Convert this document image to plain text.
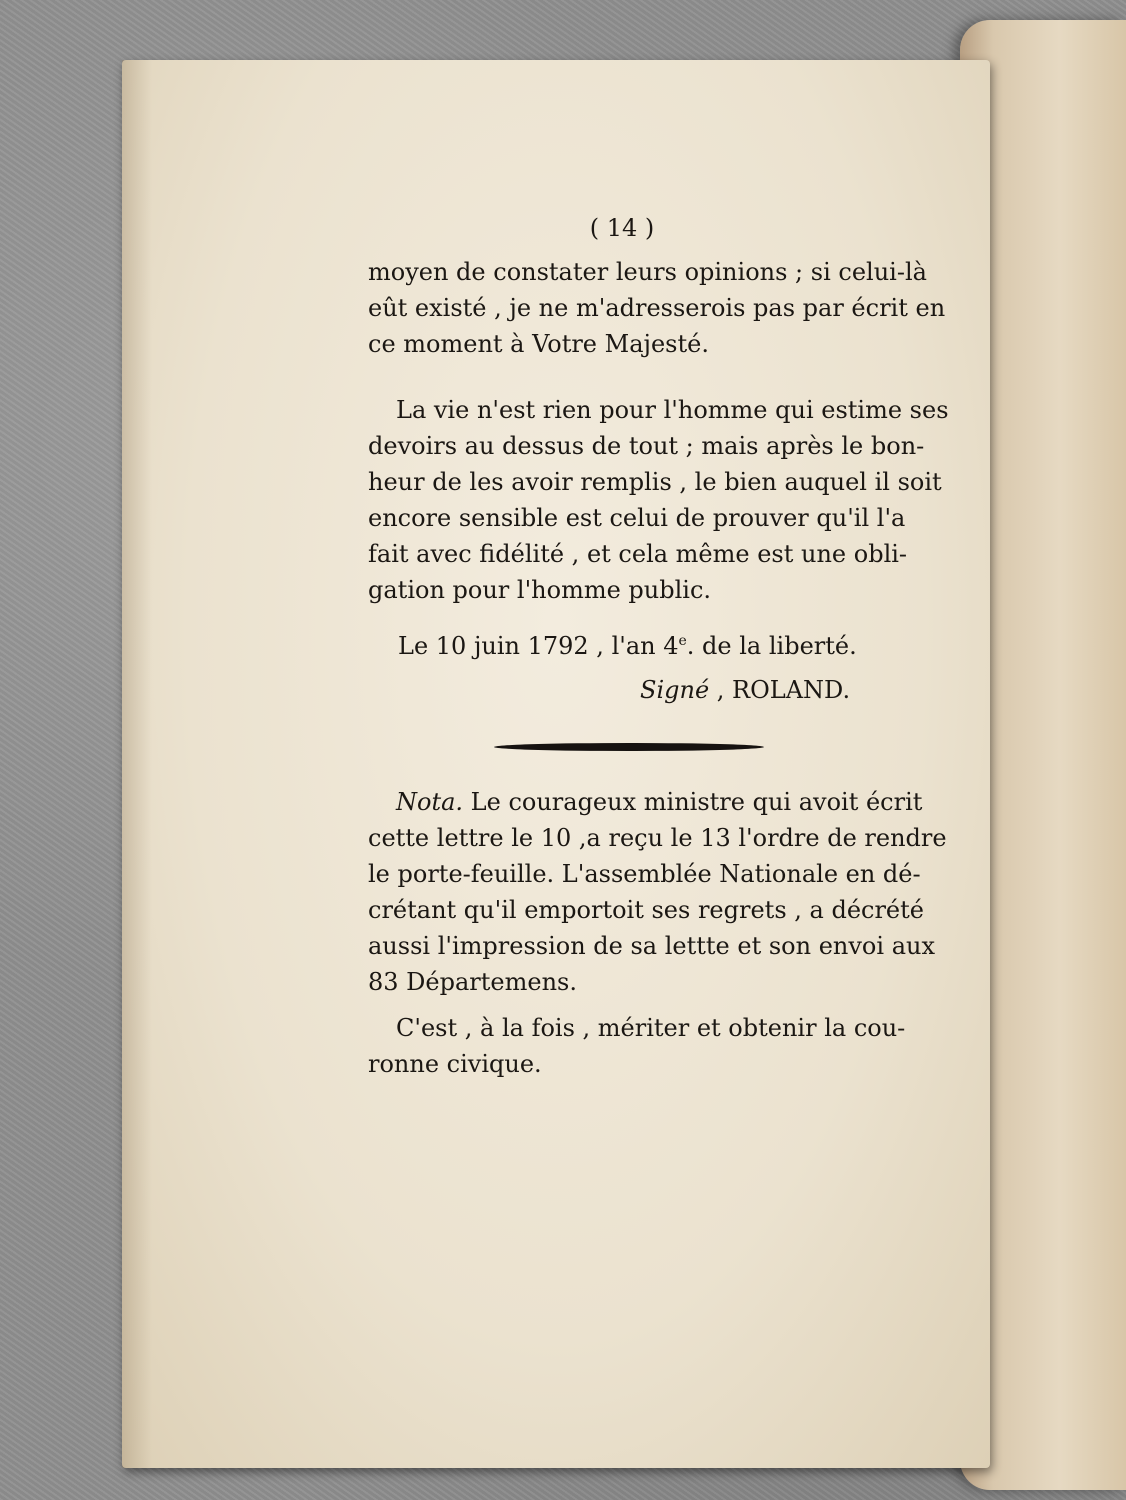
( 14 )
moyen de constater leurs opinions ; si celui-là
eût existé , je ne m'adresserois pas par écrit en
ce moment à Votre Majesté.
La vie n'est rien pour l'homme qui estime ses
devoirs au dessus de tout ; mais après le bon-
heur de les avoir remplis , le bien auquel il soit
encore sensible est celui de prouver qu'il l'a
fait avec fidélité , et cela même est une obli-
gation pour l'homme public.
Le 10 juin 1792 , l'an 4e. de la liberté.
Signé , ROLAND.
Nota. Le courageux ministre qui avoit écrit
cette lettre le 10 ,a reçu le 13 l'ordre de rendre
le porte-feuille. L'assemblée Nationale en dé-
crétant qu'il emportoit ses regrets , a décrété
aussi l'impression de sa lettte et son envoi aux
83 Départemens.
C'est , à la fois , mériter et obtenir la cou-
ronne civique.
